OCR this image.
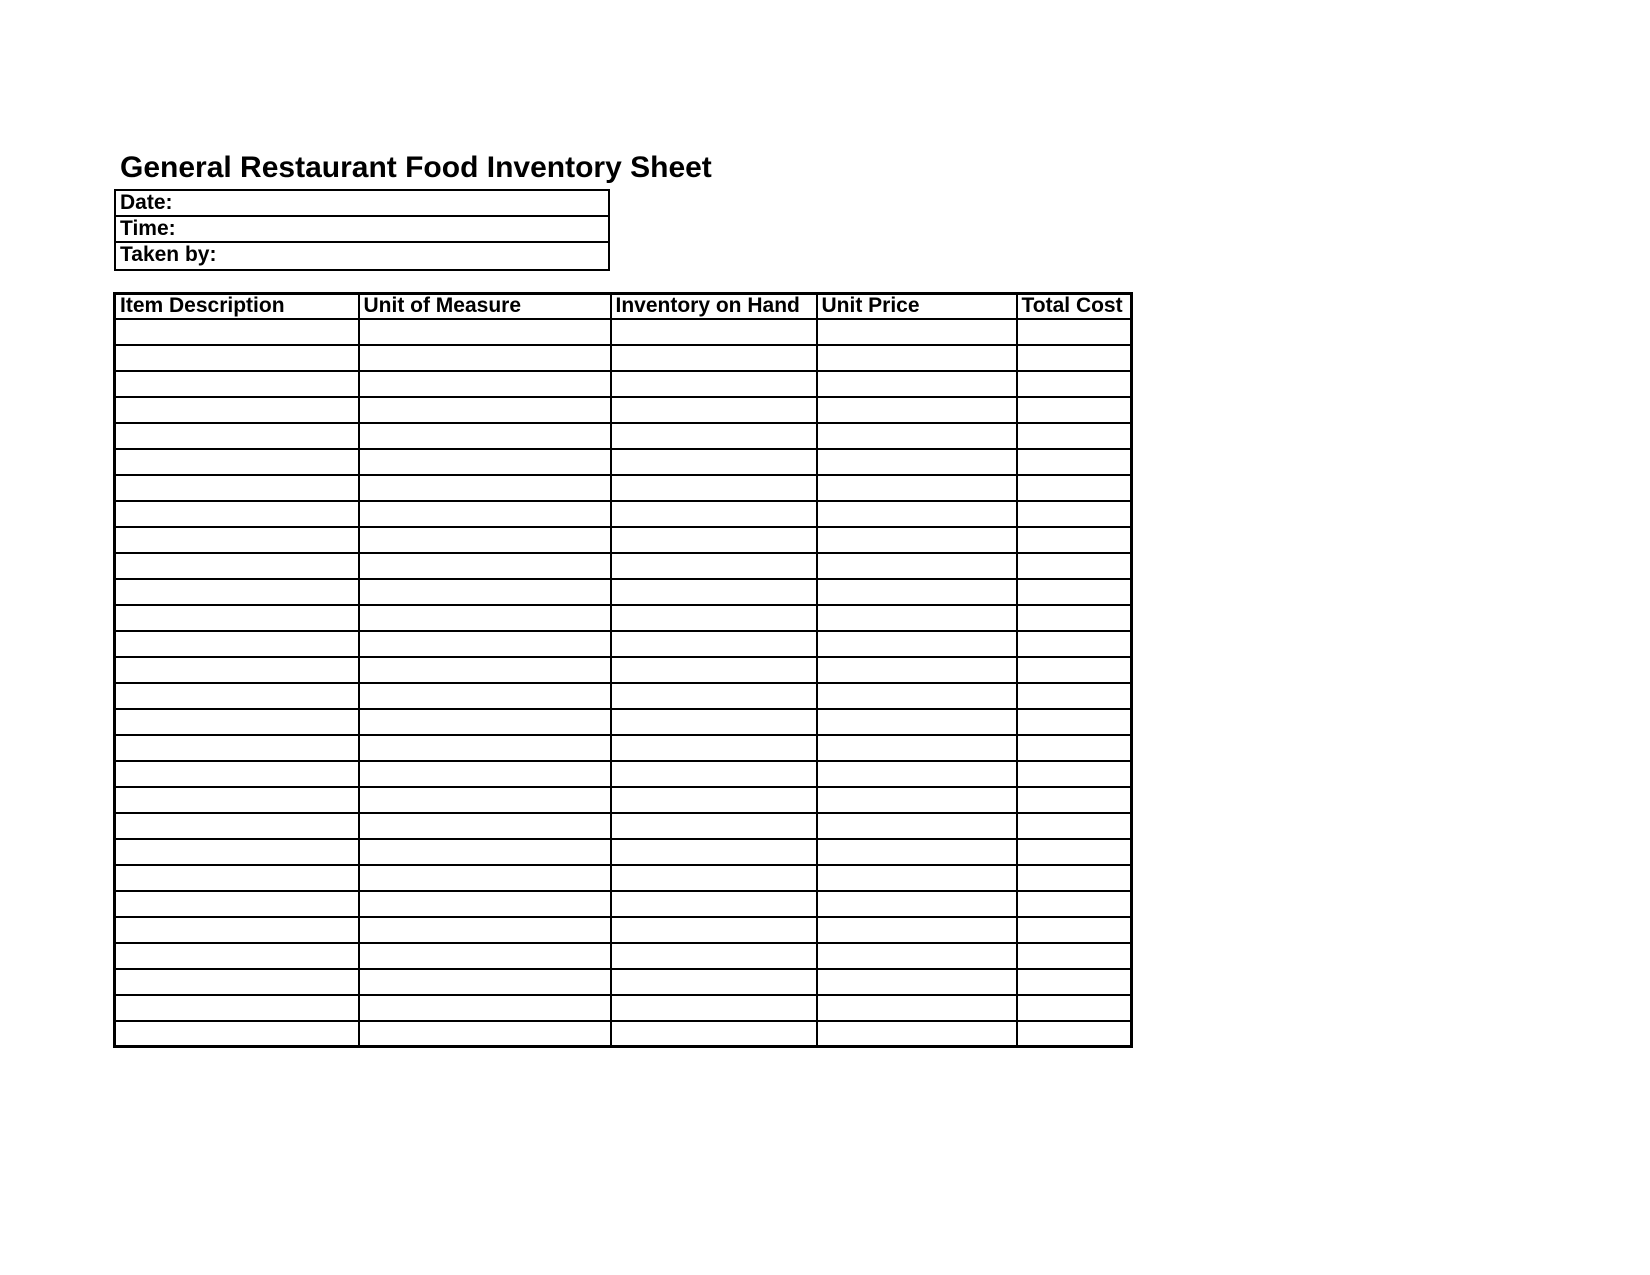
General Restaurant Food Inventory Sheet
Date:
Time:
Taken by:
Item Description	Unit of Measure	Inventory on Hand	Unit Price	Total Cost
